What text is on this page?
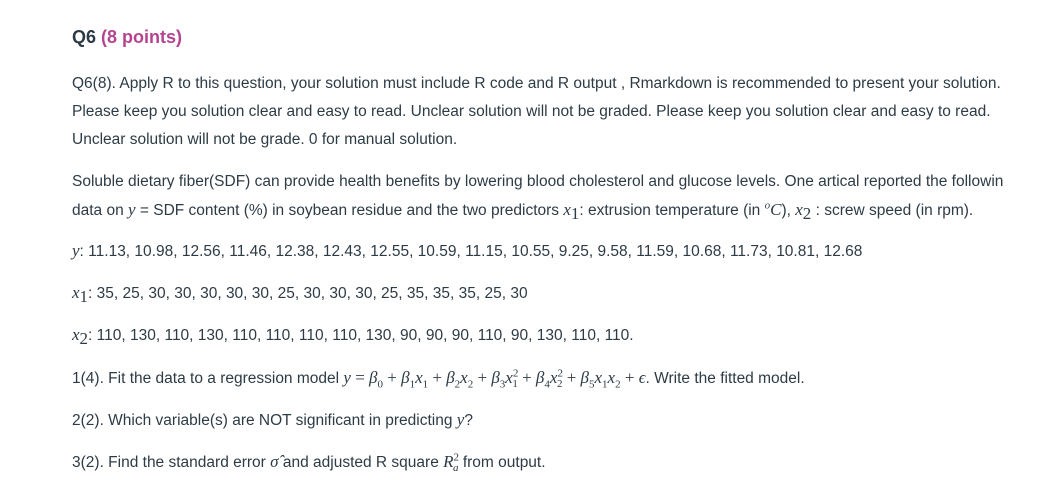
Q6 (8 points)
Q6(8). Apply R to this question, your solution must include R code and R output , Rmarkdown is recommended to present your solution.
Please keep you solution clear and easy to read. Unclear solution will not be graded. Please keep you solution clear and easy to read.
Unclear solution will not be grade. 0 for manual solution.
Soluble dietary fiber(SDF) can provide health benefits by lowering blood cholesterol and glucose levels. One artical reported the followin
data on y = SDF content (%) in soybean residue and the two predictors $x_1$: extrusion temperature (in $^o$C), $x_2$ : screw speed (in rpm).
y: 11.13, 10.98, 12.56, 11.46, 12.38, 12.43, 12.55, 10.59, 11.15, 10.55, 9.25, 9.58, 11.59, 10.68, 11.73, 10.81, 12.68
$x_1$: 35, 25, 30, 30, 30, 30, 30, 25, 30, 30, 30, 25, 35, 35, 35, 25, 30
$x_2$: 110, 130, 110, 130, 110, 110, 110, 110, 130, 90, 90, 90, 110, 90, 130, 110, 110.
1(4). Fit the data to a regression model $y = \beta_0 + \beta_1x_1 + \beta_2x_2 + \beta_3x^2_1 + \beta_4x^2_2 + \beta_5x_1x_2 + \epsilon$. Write the fitted model.
2(2). Which variable(s) are NOT significant in predicting y?
3(2). Find the standard error σ̂ and adjusted R square $R^2_a$ from output.
